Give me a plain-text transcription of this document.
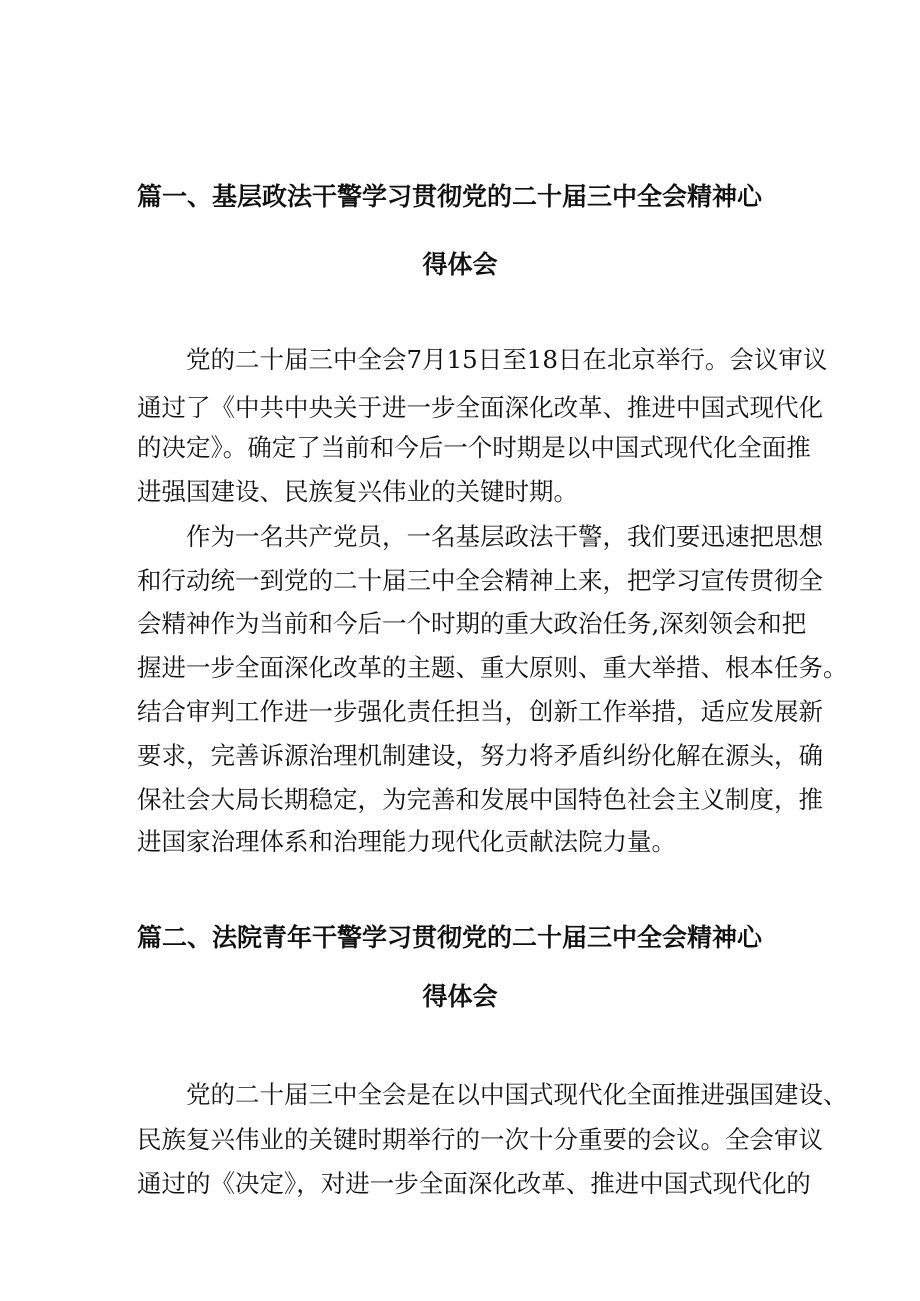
篇一、基层政法干警学习贯彻党的二十届三中全会精神心
得体会
党的二十届三中全会7月15日至18日在北京举行。会议审议
通过了《中共中央关于进一步全面深化改革、推进中国式现代化
的决定》。确定了当前和今后一个时期是以中国式现代化全面推
进强国建设、民族复兴伟业的关键时期。
作为一名共产党员，一名基层政法干警，我们要迅速把思想
和行动统一到党的二十届三中全会精神上来，把学习宣传贯彻全
会精神作为当前和今后一个时期的重大政治任务,深刻领会和把
握进一步全面深化改革的主题、重大原则、重大举措、根本任务。
结合审判工作进一步强化责任担当，创新工作举措，适应发展新
要求，完善诉源治理机制建设，努力将矛盾纠纷化解在源头，确
保社会大局长期稳定，为完善和发展中国特色社会主义制度，推
进国家治理体系和治理能力现代化贡献法院力量。
篇二、法院青年干警学习贯彻党的二十届三中全会精神心
得体会
党的二十届三中全会是在以中国式现代化全面推进强国建设、
民族复兴伟业的关键时期举行的一次十分重要的会议。全会审议
通过的《决定》，对进一步全面深化改革、推进中国式现代化的
